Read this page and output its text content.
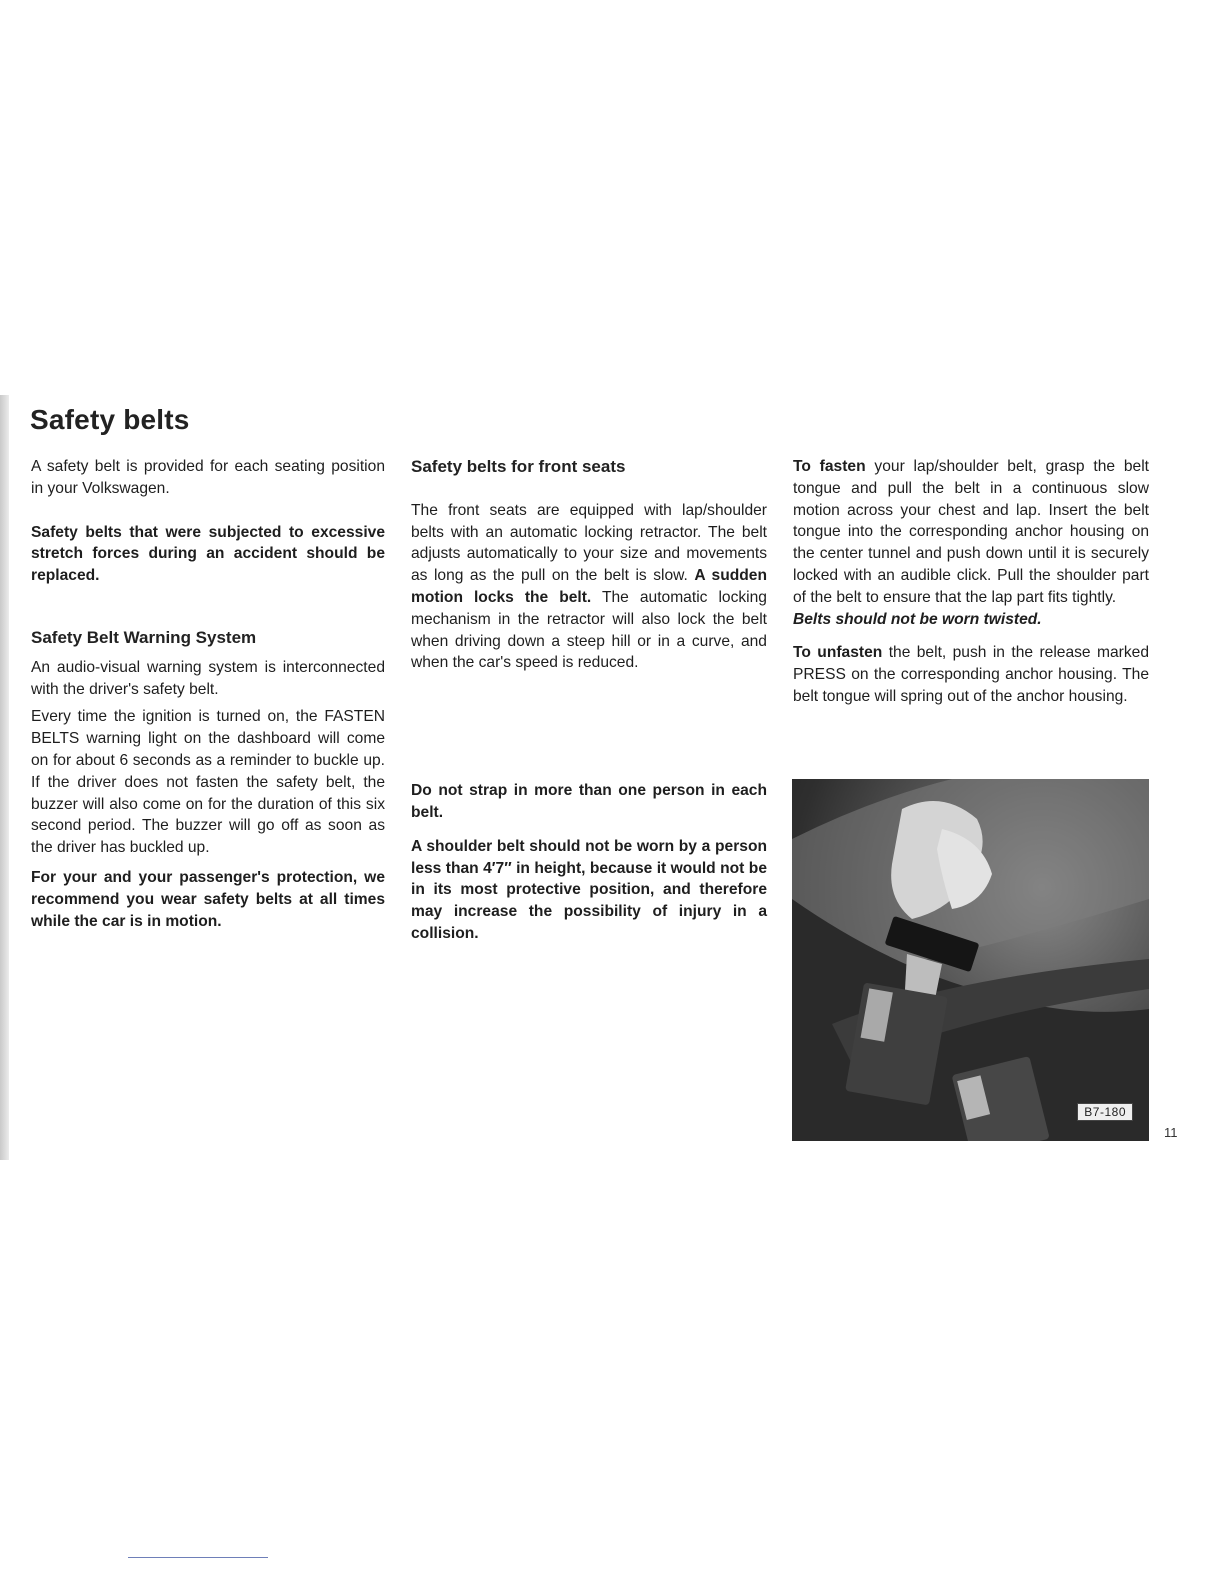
Safety belts

A safety belt is provided for each seating position in your Volkswagen.

Safety belts that were subjected to excessive stretch forces during an accident should be replaced.

Safety Belt Warning System

An audio-visual warning system is interconnected with the driver's safety belt.

Every time the ignition is turned on, the FASTEN BELTS warning light on the dashboard will come on for about 6 seconds as a reminder to buckle up. If the driver does not fasten the safety belt, the buzzer will also come on for the duration of this six second period. The buzzer will go off as soon as the driver has buckled up.

For your and your passenger's protection, we recommend you wear safety belts at all times while the car is in motion.

Safety belts for front seats

The front seats are equipped with lap/shoulder belts with an automatic locking retractor. The belt adjusts automatically to your size and movements as long as the pull on the belt is slow. A sudden motion locks the belt. The automatic locking mechanism in the retractor will also lock the belt when driving down a steep hill or in a curve, and when the car's speed is reduced.

Do not strap in more than one person in each belt.

A shoulder belt should not be worn by a person less than 4′7″ in height, because it would not be in its most protective position, and therefore may increase the possibility of injury in a collision.

To fasten your lap/shoulder belt, grasp the belt tongue and pull the belt in a continuous slow motion across your chest and lap. Insert the belt tongue into the corresponding anchor housing on the center tunnel and push down until it is securely locked with an audible click. Pull the shoulder part of the belt to ensure that the lap part fits tightly.

Belts should not be worn twisted.

To unfasten the belt, push in the release marked PRESS on the corresponding anchor housing. The belt tongue will spring out of the anchor housing.

B7-180
11
